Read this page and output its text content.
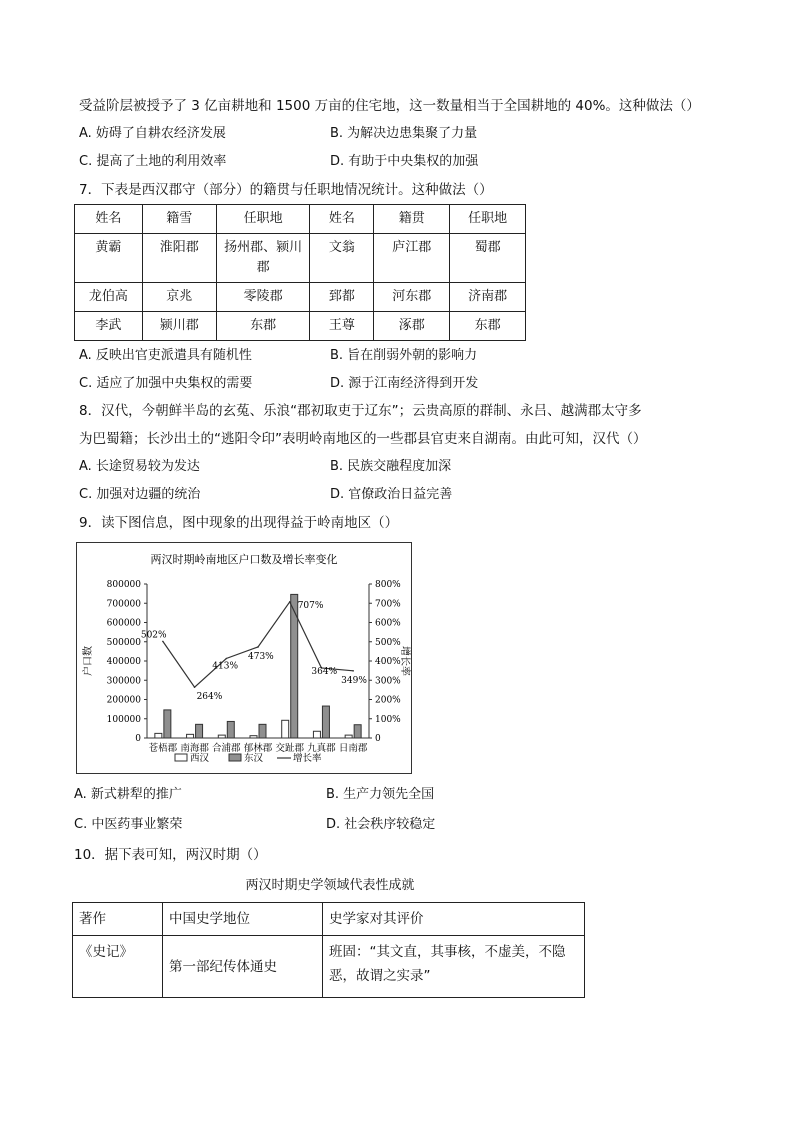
受益阶层被授予了 3 亿亩耕地和 1500 万亩的住宅地，这一数量相当于全国耕地的 40%。这种做法（）
A. 妨碍了自耕农经济发展	B. 为解决边患集聚了力量
C. 提高了土地的利用效率	D. 有助于中央集权的加强
7．下表是西汉郡守（部分）的籍贯与任职地情况统计。这种做法（）
姓名	籍雪	任职地	姓名	籍贯	任职地
黄霸	淮阳郡	扬州郡、颍川郡	文翁	庐江郡	蜀郡
龙伯高	京兆	零陵郡	郅都	河东郡	济南郡
李武	颍川郡	东郡	王尊	涿郡	东郡
A. 反映出官吏派遣具有随机性	B. 旨在削弱外朝的影响力
C. 适应了加强中央集权的需要	D. 源于江南经济得到开发
8．汉代，今朝鲜半岛的玄菟、乐浪“郡初取吏于辽东”；云贵高原的群制、永吕、越满郡太守多
为巴蜀籍；长沙出土的“逃阳令印”表明岭南地区的一些郡县官吏来自湖南。由此可知，汉代（）
A. 长途贸易较为发达	B. 民族交融程度加深
C. 加强对边疆的统治	D. 官僚政治日益完善
9．读下图信息，图中现象的出现得益于岭南地区（）
两汉时期岭南地区户口数及增长率变化
0
100000
200000
300000
400000
500000
600000
700000
800000
0
100%
200%
300%
400%
500%
600%
700%
800%
户口数	增长率
苍梧郡 南海郡 合浦郡 郁林郡 交趾郡 九真郡 日南郡
502%
264%
413%
473%
707%
364%
349%
西汉	东汉	增长率
A. 新式耕犁的推广	B. 生产力领先全国
C. 中医药事业繁荣	D. 社会秩序较稳定
10．据下表可知，两汉时期（）
两汉时期史学领域代表性成就
著作	中国史学地位	史学家对其评价
《史记》	第一部纪传体通史	班固：“其文直，其事核，不虚美，不隐恶，故谓之实录”
